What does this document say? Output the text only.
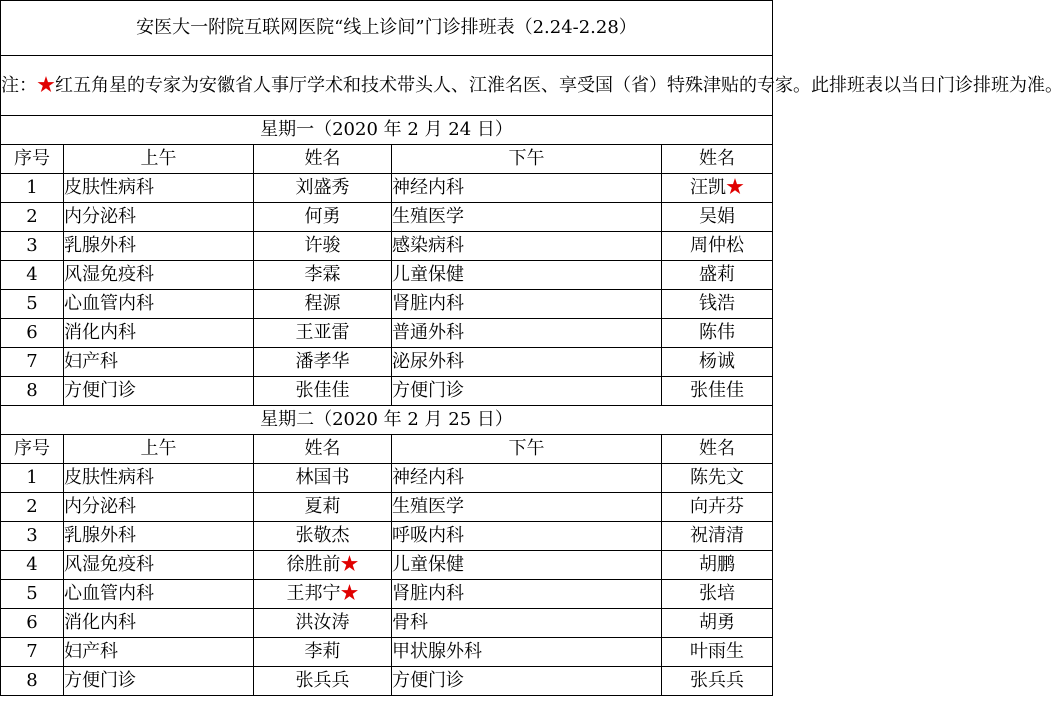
安医大一附院互联网医院“线上诊间”门诊排班表（2.24-2.28）				
注：★红五角星的专家为安徽省人事厅学术和技术带头人、江淮名医、享受国（省）特殊津贴的专家。此排班表以当日门诊排班为准。				
星期一（2020 年 2 月 24 日）				
序号	上午	姓名	下午	姓名
1	皮肤性病科	刘盛秀	神经内科	汪凯★
2	内分泌科	何勇	生殖医学	吴娟
3	乳腺外科	许骏	感染病科	周仲松
4	风湿免疫科	李霖	儿童保健	盛莉
5	心血管内科	程源	肾脏内科	钱浩
6	消化内科	王亚雷	普通外科	陈伟
7	妇产科	潘孝华	泌尿外科	杨诚
8	方便门诊	张佳佳	方便门诊	张佳佳
星期二（2020 年 2 月 25 日）				
序号	上午	姓名	下午	姓名
1	皮肤性病科	林国书	神经内科	陈先文
2	内分泌科	夏莉	生殖医学	向卉芬
3	乳腺外科	张敬杰	呼吸内科	祝清清
4	风湿免疫科	徐胜前★	儿童保健	胡鹏
5	心血管内科	王邦宁★	肾脏内科	张培
6	消化内科	洪汝涛	骨科	胡勇
7	妇产科	李莉	甲状腺外科	叶雨生
8	方便门诊	张兵兵	方便门诊	张兵兵
